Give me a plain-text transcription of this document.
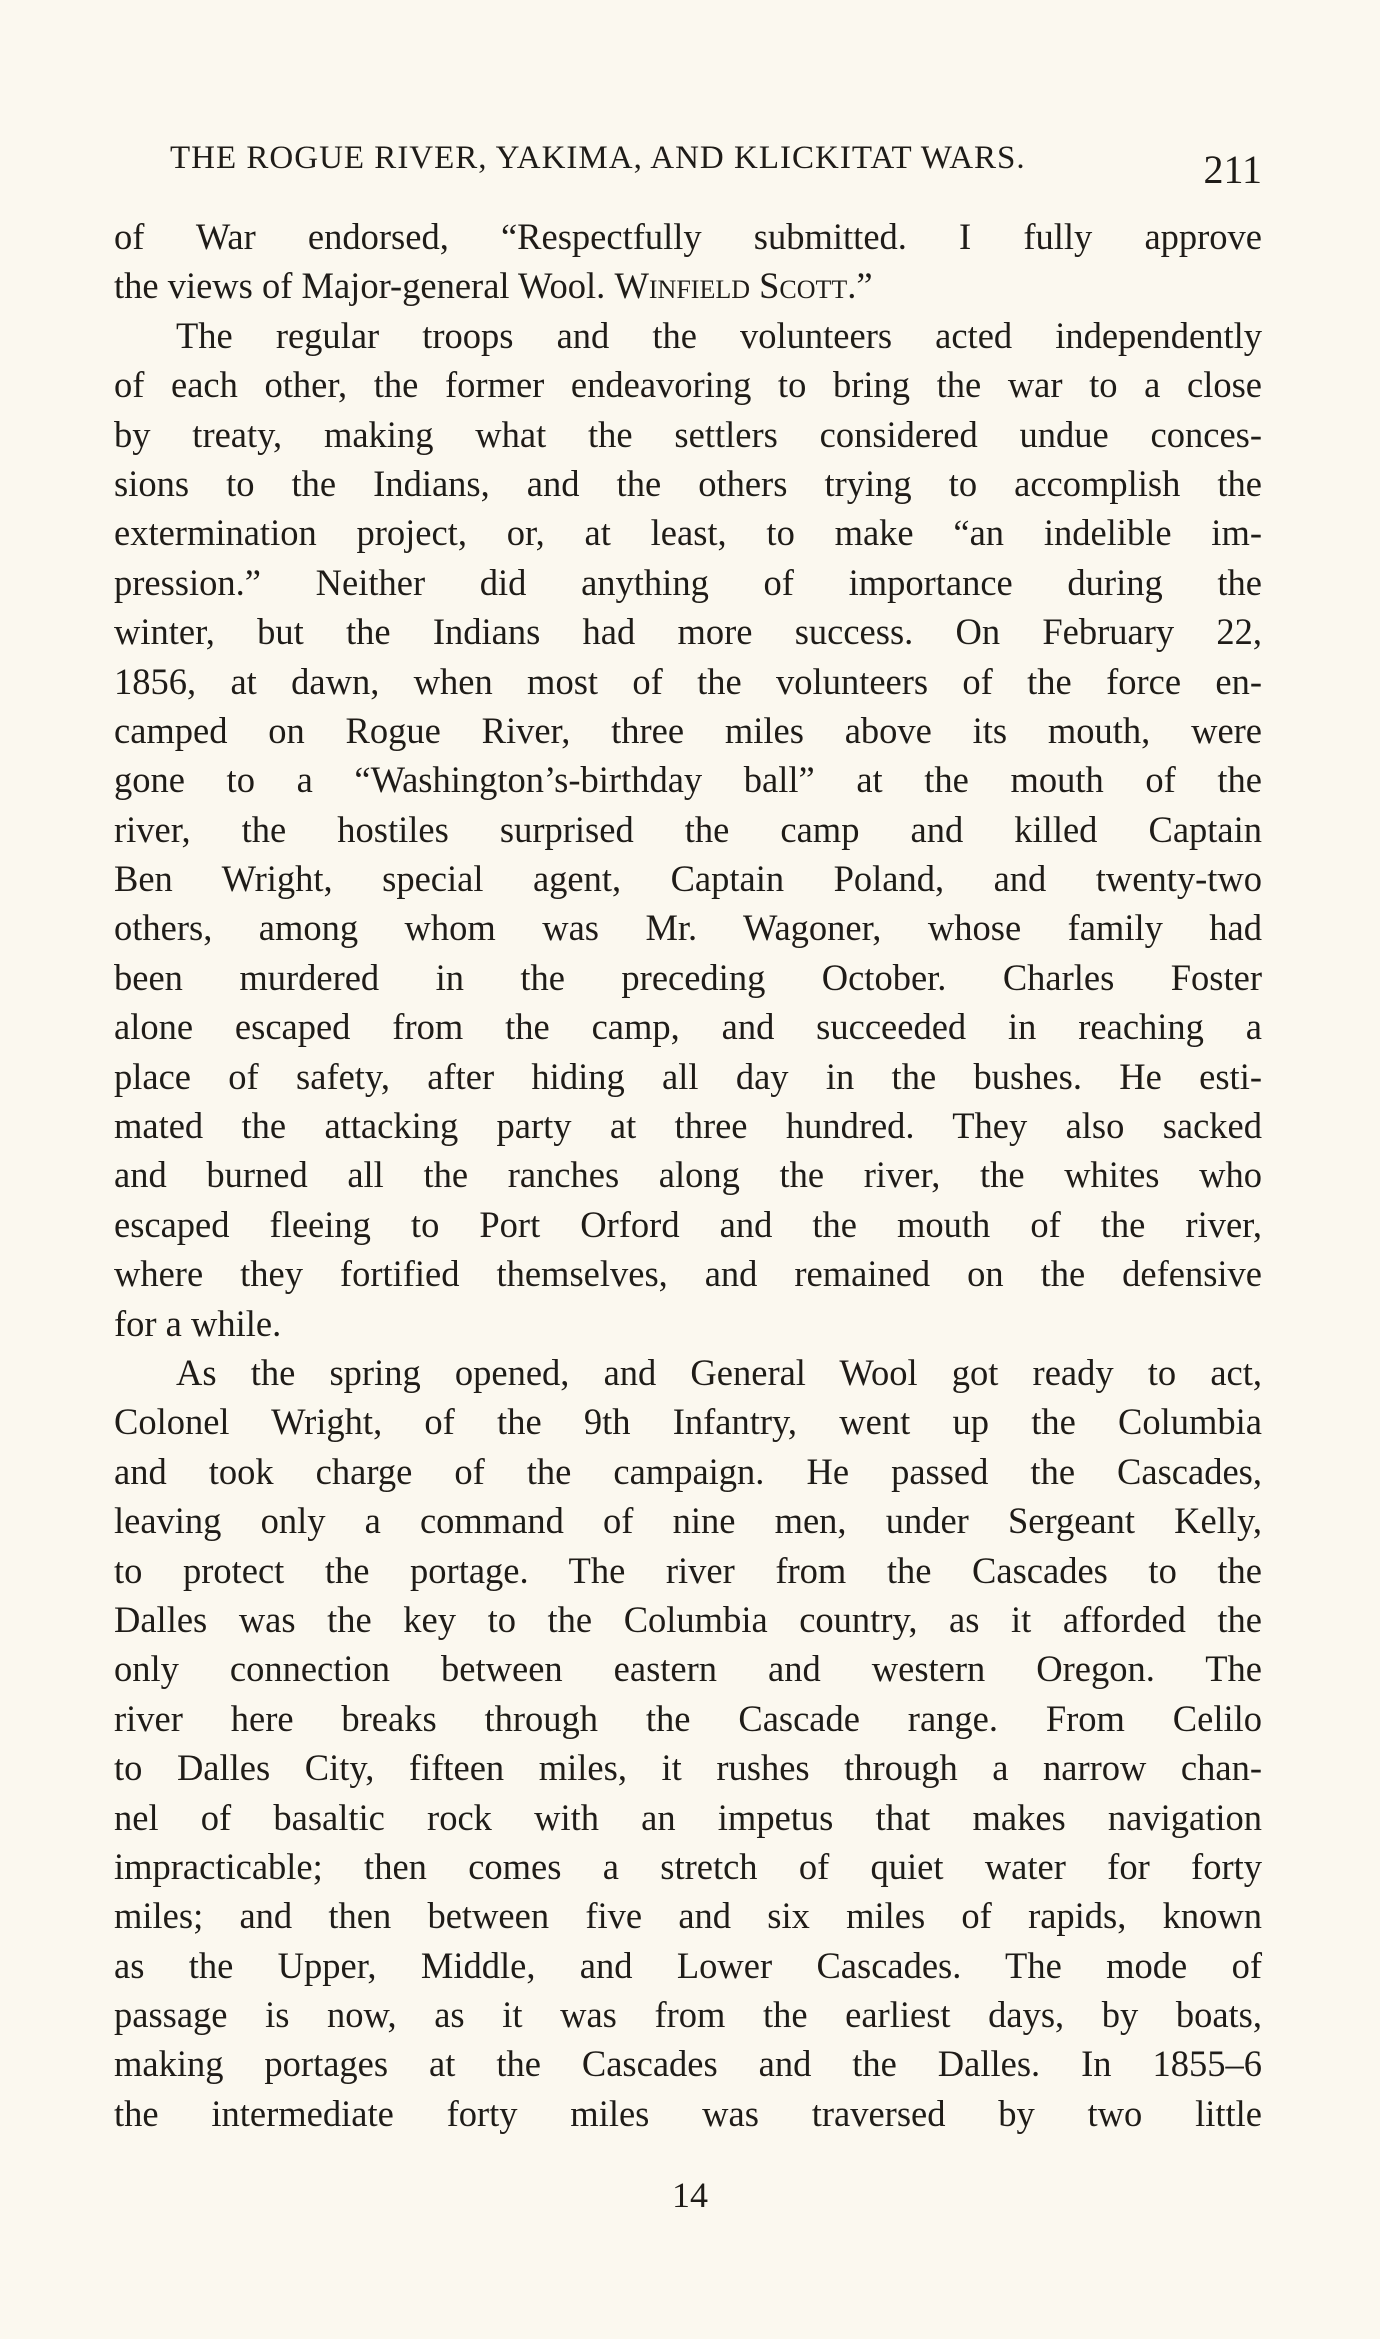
THE ROGUE RIVER, YAKIMA, AND KLICKITAT WARS.	211
of War endorsed, “Respectfully submitted. I fully approve
the views of Major-general Wool. Winfield Scott.”
The regular troops and the volunteers acted independently
of each other, the former endeavoring to bring the war to a close
by treaty, making what the settlers considered undue conces-
sions to the Indians, and the others trying to accomplish the
extermination project, or, at least, to make “an indelible im-
pression.” Neither did anything of importance during the
winter, but the Indians had more success. On February 22,
1856, at dawn, when most of the volunteers of the force en-
camped on Rogue River, three miles above its mouth, were
gone to a “Washington’s-birthday ball” at the mouth of the
river, the hostiles surprised the camp and killed Captain
Ben Wright, special agent, Captain Poland, and twenty-two
others, among whom was Mr. Wagoner, whose family had
been murdered in the preceding October. Charles Foster
alone escaped from the camp, and succeeded in reaching a
place of safety, after hiding all day in the bushes. He esti-
mated the attacking party at three hundred. They also sacked
and burned all the ranches along the river, the whites who
escaped fleeing to Port Orford and the mouth of the river,
where they fortified themselves, and remained on the defensive
for a while.
As the spring opened, and General Wool got ready to act,
Colonel Wright, of the 9th Infantry, went up the Columbia
and took charge of the campaign. He passed the Cascades,
leaving only a command of nine men, under Sergeant Kelly,
to protect the portage. The river from the Cascades to the
Dalles was the key to the Columbia country, as it afforded the
only connection between eastern and western Oregon. The
river here breaks through the Cascade range. From Celilo
to Dalles City, fifteen miles, it rushes through a narrow chan-
nel of basaltic rock with an impetus that makes navigation
impracticable; then comes a stretch of quiet water for forty
miles; and then between five and six miles of rapids, known
as the Upper, Middle, and Lower Cascades. The mode of
passage is now, as it was from the earliest days, by boats,
making portages at the Cascades and the Dalles. In 1855–6
the intermediate forty miles was traversed by two little
14
